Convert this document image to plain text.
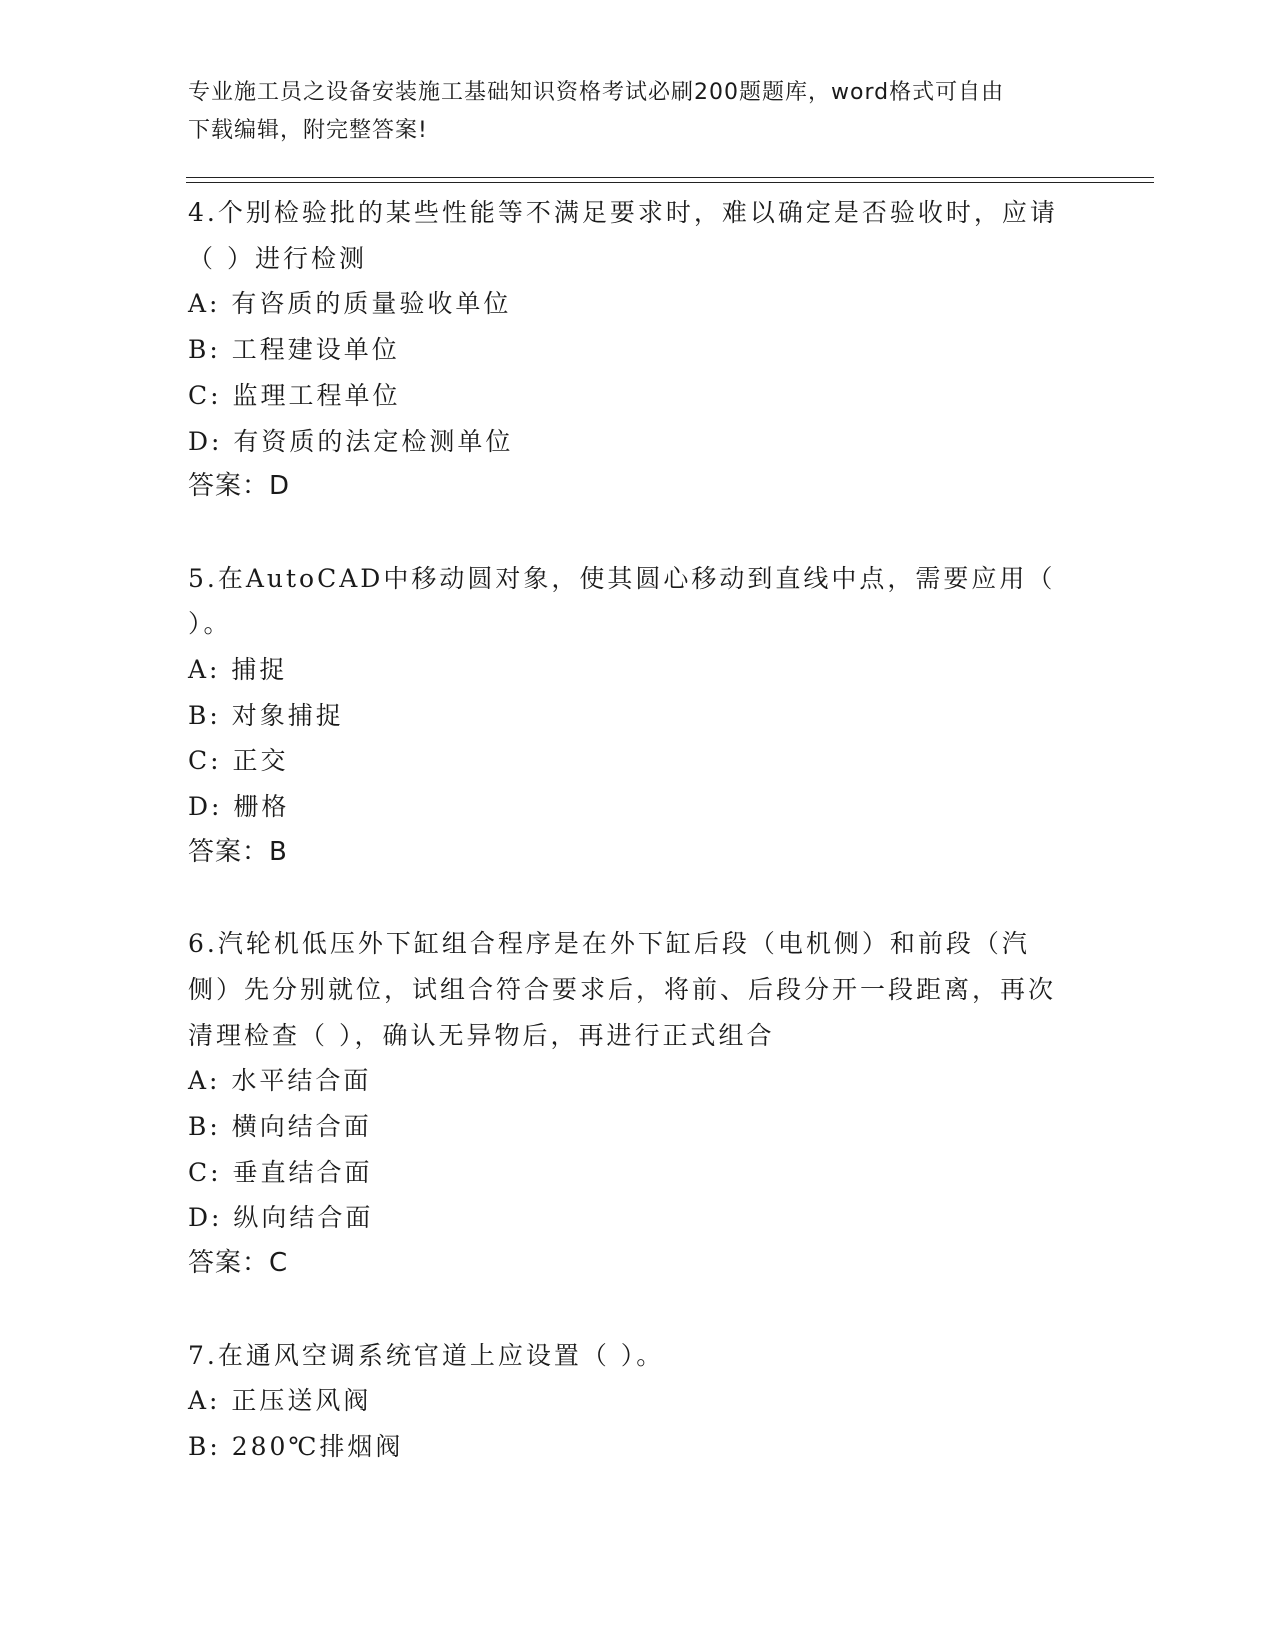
专业施工员之设备安装施工基础知识资格考试必刷200题题库，word格式可自由
下载编辑，附完整答案!

4.个别检验批的某些性能等不满足要求时，难以确定是否验收时，应请（ ）进行检测

A: 有咨质的质量验收单位

B: 工程建设单位

C: 监理工程单位

D: 有资质的法定检测单位

答案：D

5.在AutoCAD中移动圆对象，使其圆心移动到直线中点，需要应用（ ）。

A: 捕捉

B: 对象捕捉

C: 正交

D: 栅格

答案：B

6.汽轮机低压外下缸组合程序是在外下缸后段（电机侧）和前段（汽侧）先分别就位，试组合符合要求后，将前、后段分开一段距离，再次清理检查（ ），确认无异物后，再进行正式组合

A: 水平结合面

B: 横向结合面

C: 垂直结合面

D: 纵向结合面

答案：C

7.在通风空调系统官道上应设置（ ）。

A: 正压送风阀

B: 280℃排烟阀
